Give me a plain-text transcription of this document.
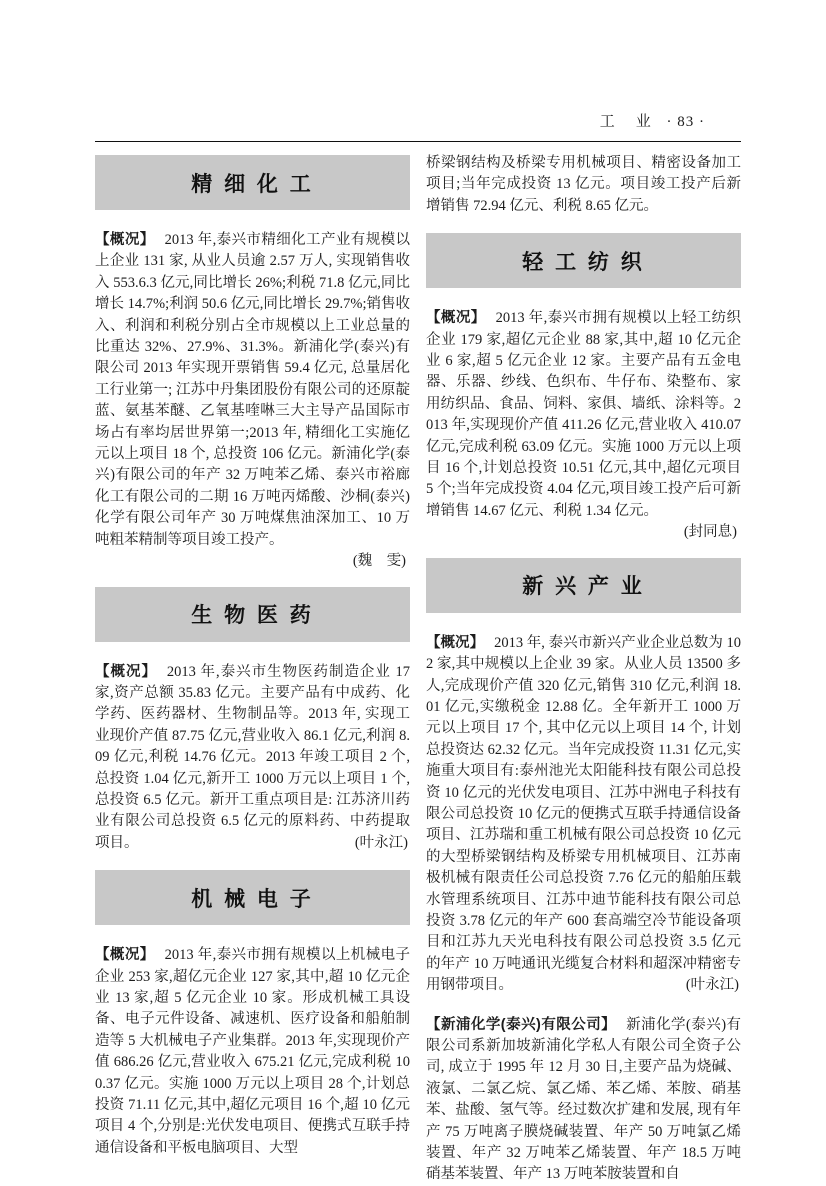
工　业 · 83 ·
精 细 化 工

【概况】 2013 年,泰兴市精细化工产业有规模以上企业 131 家, 从业人员逾 2.57 万人, 实现销售收入 553.6.3 亿元,同比增长 26%;利税 71.8 亿元,同比增长 14.7%;利润 50.6 亿元,同比增长 29.7%;销售收入、利润和利税分别占全市规模以上工业总量的比重达 32%、27.9%、31.3%。新浦化学(泰兴)有限公司 2013 年实现开票销售 59.4 亿元, 总量居化工行业第一; 江苏中丹集团股份有限公司的还原靛蓝、氨基苯醚、乙氧基喹啉三大主导产品国际市场占有率均居世界第一;2013 年, 精细化工实施亿元以上项目 18 个, 总投资 106 亿元。新浦化学(泰兴)有限公司的年产 32 万吨苯乙烯、泰兴市裕廊化工有限公司的二期 16 万吨丙烯酸、沙桐(泰兴)化学有限公司年产 30 万吨煤焦油深加工、10 万吨粗苯精制等项目竣工投产。

(魏　雯)
生 物 医 药

【概况】 2013 年,泰兴市生物医药制造企业 17 家,资产总额 35.83 亿元。主要产品有中成药、化学药、医药器材、生物制品等。2013 年, 实现工业现价产值 87.75 亿元,营业收入 86.1 亿元,利润 8.09 亿元,利税 14.76 亿元。2013 年竣工项目 2 个,总投资 1.04 亿元,新开工 1000 万元以上项目 1 个,总投资 6.5 亿元。新开工重点项目是: 江苏济川药业有限公司总投资 6.5 亿元的原料药、中药提取项目。	(叶永江)

机 械 电 子

【概况】 2013 年,泰兴市拥有规模以上机械电子企业 253 家,超亿元企业 127 家,其中,超 10 亿元企业 13 家,超 5 亿元企业 10 家。形成机械工具设备、电子元件设备、减速机、医疗设备和船舶制造等 5 大机械电子产业集群。2013 年,实现现价产值 686.26 亿元,营业收入 675.21 亿元,完成利税 100.37 亿元。实施 1000 万元以上项目 28 个,计划总投资 71.11 亿元,其中,超亿元项目 16 个,超 10 亿元项目 4 个,分别是:光伏发电项目、便携式互联手持通信设备和平板电脑项目、大型

桥梁钢结构及桥梁专用机械项目、精密设备加工项目;当年完成投资 13 亿元。项目竣工投产后新增销售 72.94 亿元、利税 8.65 亿元。

轻 工 纺 织

【概况】 2013 年,泰兴市拥有规模以上轻工纺织企业 179 家,超亿元企业 88 家,其中,超 10 亿元企业 6 家,超 5 亿元企业 12 家。主要产品有五金电器、乐器、纱线、色织布、牛仔布、染整布、家用纺织品、食品、饲料、家俱、墙纸、涂料等。2013 年,实现现价产值 411.26 亿元,营业收入 410.07 亿元,完成利税 63.09 亿元。实施 1000 万元以上项目 16 个,计划总投资 10.51 亿元,其中,超亿元项目 5 个;当年完成投资 4.04 亿元,项目竣工投产后可新增销售 14.67 亿元、利税 1.34 亿元。

(封同息)
新 兴 产 业

【概况】 2013 年, 泰兴市新兴产业企业总数为 102 家,其中规模以上企业 39 家。从业人员 13500 多人,完成现价产值 320 亿元,销售 310 亿元,利润 18.01 亿元,实缴税金 12.88 亿。全年新开工 1000 万元以上项目 17 个, 其中亿元以上项目 14 个, 计划总投资达 62.32 亿元。当年完成投资 11.31 亿元,实施重大项目有:泰州池光太阳能科技有限公司总投资 10 亿元的光伏发电项目、江苏中洲电子科技有限公司总投资 10 亿元的便携式互联手持通信设备项目、江苏瑞和重工机械有限公司总投资 10 亿元的大型桥梁钢结构及桥梁专用机械项目、江苏南极机械有限责任公司总投资 7.76 亿元的船舶压载水管理系统项目、江苏中迪节能科技有限公司总投资 3.78 亿元的年产 600 套高端空冷节能设备项目和江苏九天光电科技有限公司总投资 3.5 亿元的年产 10 万吨通讯光缆复合材料和超深冲精密专用钢带项目。	(叶永江)

【新浦化学(泰兴)有限公司】 新浦化学(泰兴)有限公司系新加坡新浦化学私人有限公司全资子公司, 成立于 1995 年 12 月 30 日,主要产品为烧碱、液氯、二氯乙烷、氯乙烯、苯乙烯、苯胺、硝基苯、盐酸、氢气等。经过数次扩建和发展, 现有年产 75 万吨离子膜烧碱装置、年产 50 万吨氯乙烯装置、年产 32 万吨苯乙烯装置、年产 18.5 万吨硝基苯装置、年产 13 万吨苯胺装置和自
